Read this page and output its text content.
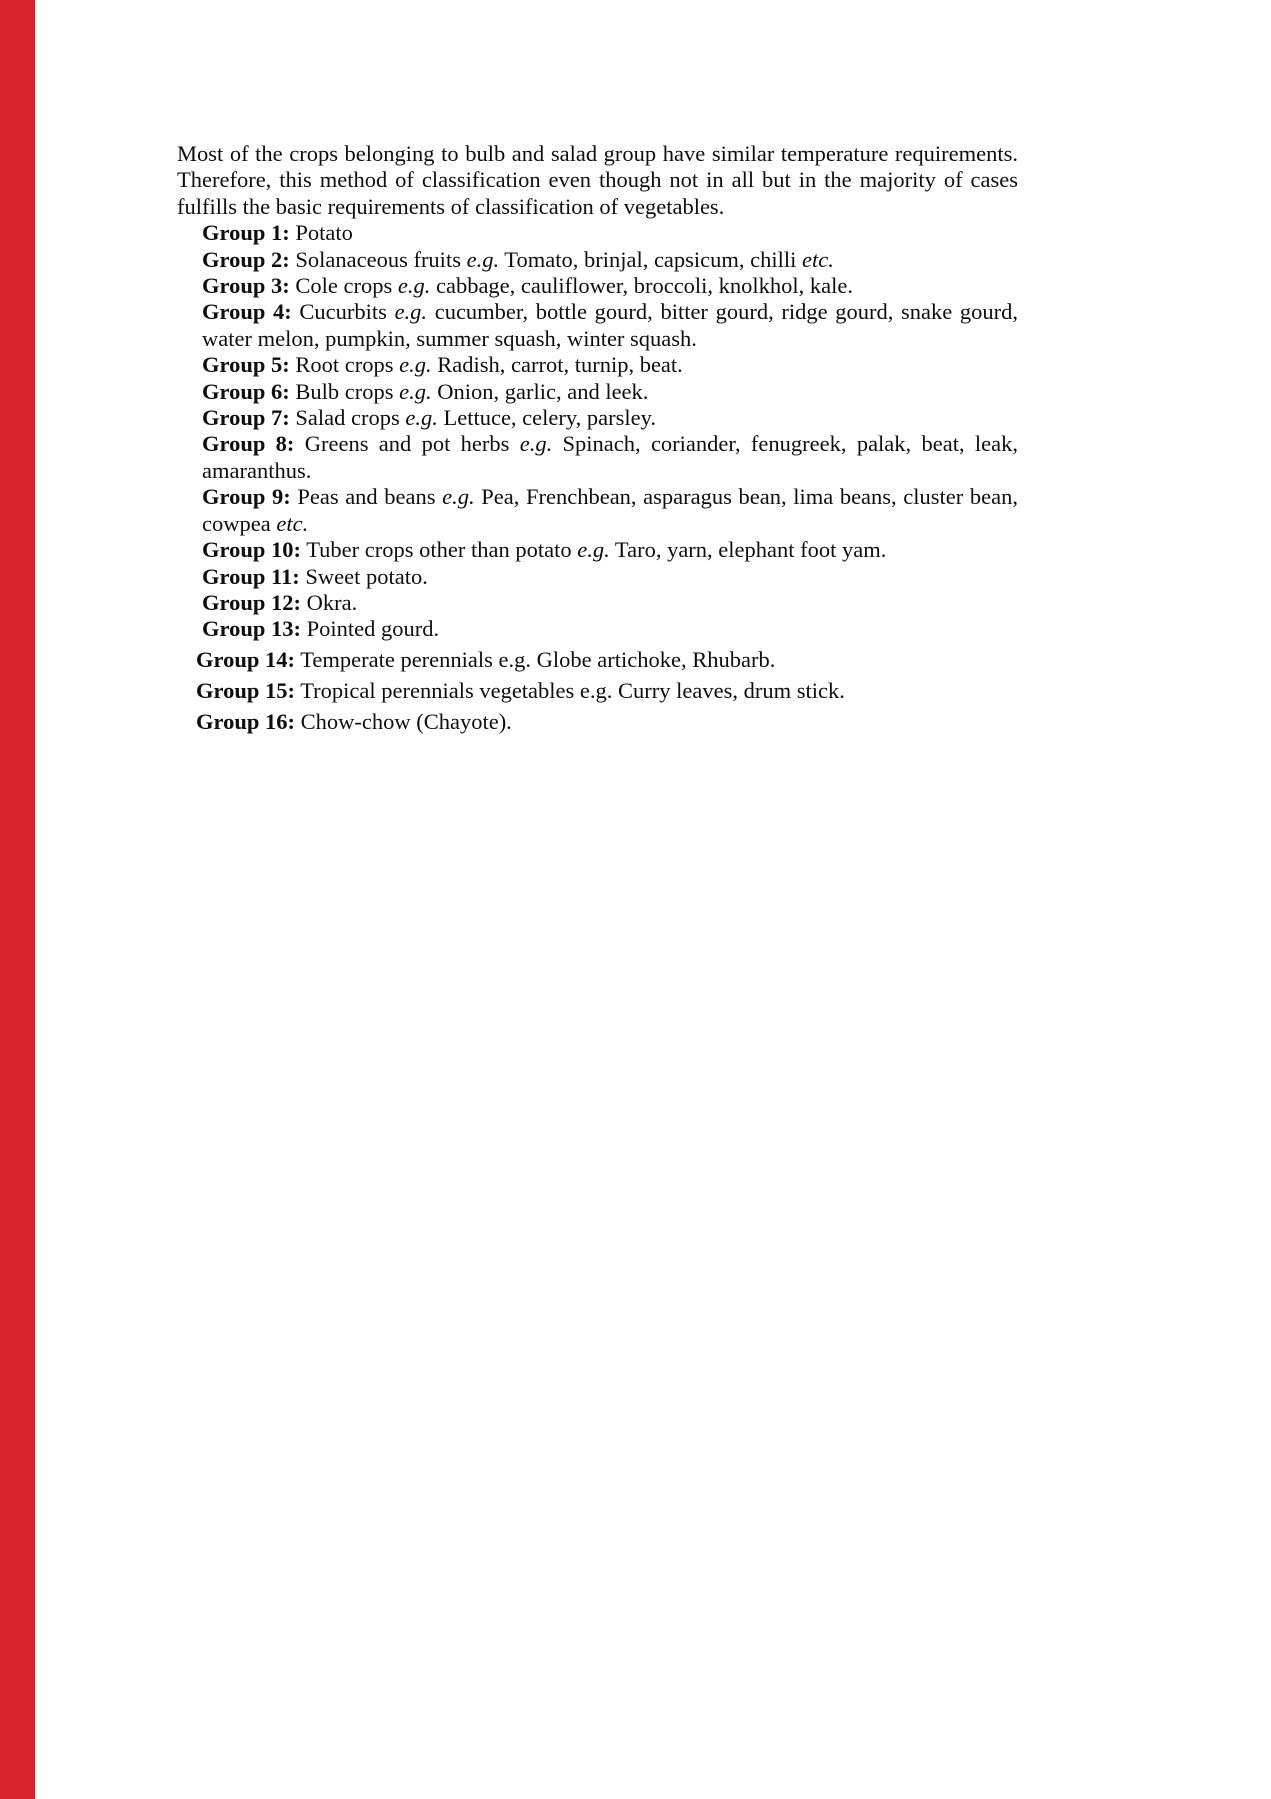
Most of the crops belonging to bulb and salad group have similar temperature requirements. Therefore, this method of classification even though not in all but in the majority of cases fulfills the basic requirements of classification of vegetables.

Group 1: Potato
Group 2: Solanaceous fruits e.g. Tomato, brinjal, capsicum, chilli etc.
Group 3: Cole crops e.g. cabbage, cauliflower, broccoli, knolkhol, kale.
Group 4: Cucurbits e.g. cucumber, bottle gourd, bitter gourd, ridge gourd, snake gourd, water melon, pumpkin, summer squash, winter squash.
Group 5: Root crops e.g. Radish, carrot, turnip, beat.
Group 6: Bulb crops e.g. Onion, garlic, and leek.
Group 7: Salad crops e.g. Lettuce, celery, parsley.
Group 8: Greens and pot herbs e.g. Spinach, coriander, fenugreek, palak, beat, leak, amaranthus.
Group 9: Peas and beans e.g. Pea, Frenchbean, asparagus bean, lima beans, cluster bean, cowpea etc.
Group 10: Tuber crops other than potato e.g. Taro, yarn, elephant foot yam.
Group 11: Sweet potato.
Group 12: Okra.
Group 13: Pointed gourd.
Group 14: Temperate perennials e.g. Globe artichoke, Rhubarb.
Group 15: Tropical perennials vegetables e.g. Curry leaves, drum stick.
Group 16: Chow-chow (Chayote).
